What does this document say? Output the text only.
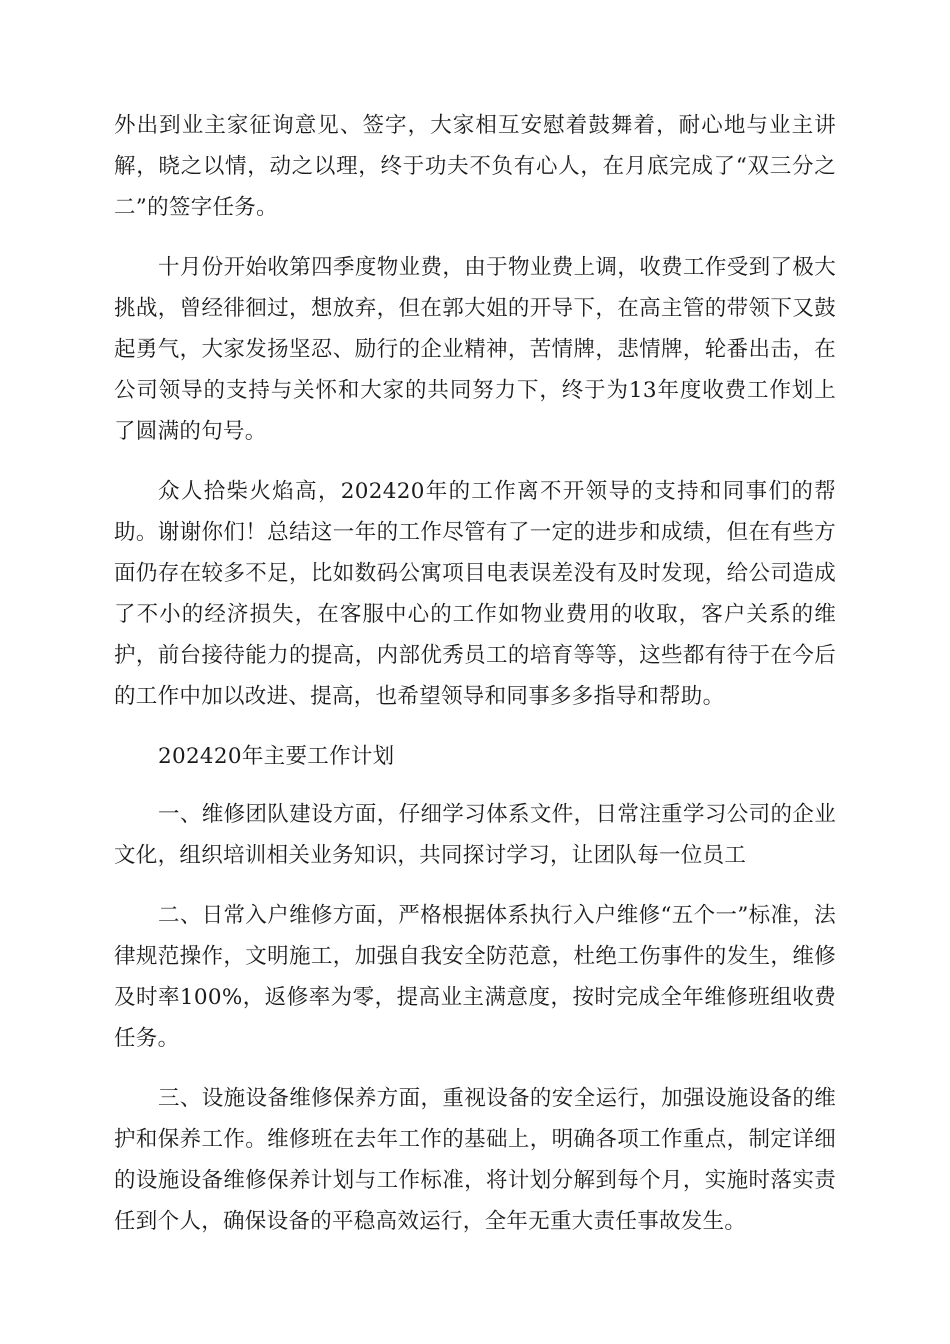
外出到业主家征询意见、签字，大家相互安慰着鼓舞着，耐心地与业主讲解，晓之以情，动之以理，终于功夫不负有心人，在月底完成了“双三分之二”的签字任务。

十月份开始收第四季度物业费，由于物业费上调，收费工作受到了极大挑战，曾经徘徊过，想放弃，但在郭大姐的开导下，在高主管的带领下又鼓起勇气，大家发扬坚忍、励行的企业精神，苦情牌，悲情牌，轮番出击，在公司领导的支持与关怀和大家的共同努力下，终于为13年度收费工作划上了圆满的句号。

众人拾柴火焰高，202420年的工作离不开领导的支持和同事们的帮助。谢谢你们！总结这一年的工作尽管有了一定的进步和成绩，但在有些方面仍存在较多不足，比如数码公寓项目电表误差没有及时发现，给公司造成了不小的经济损失，在客服中心的工作如物业费用的收取，客户关系的维护，前台接待能力的提高，内部优秀员工的培育等等，这些都有待于在今后的工作中加以改进、提高，也希望领导和同事多多指导和帮助。

202420年主要工作计划

一、维修团队建设方面，仔细学习体系文件，日常注重学习公司的企业文化，组织培训相关业务知识，共同探讨学习，让团队每一位员工

二、日常入户维修方面，严格根据体系执行入户维修“五个一”标准，法律规范操作，文明施工，加强自我安全防范意，杜绝工伤事件的发生，维修及时率100%，返修率为零，提高业主满意度，按时完成全年维修班组收费任务。

三、设施设备维修保养方面，重视设备的安全运行，加强设施设备的维护和保养工作。维修班在去年工作的基础上，明确各项工作重点，制定详细的设施设备维修保养计划与工作标准，将计划分解到每个月，实施时落实责任到个人，确保设备的平稳高效运行，全年无重大责任事故发生。
